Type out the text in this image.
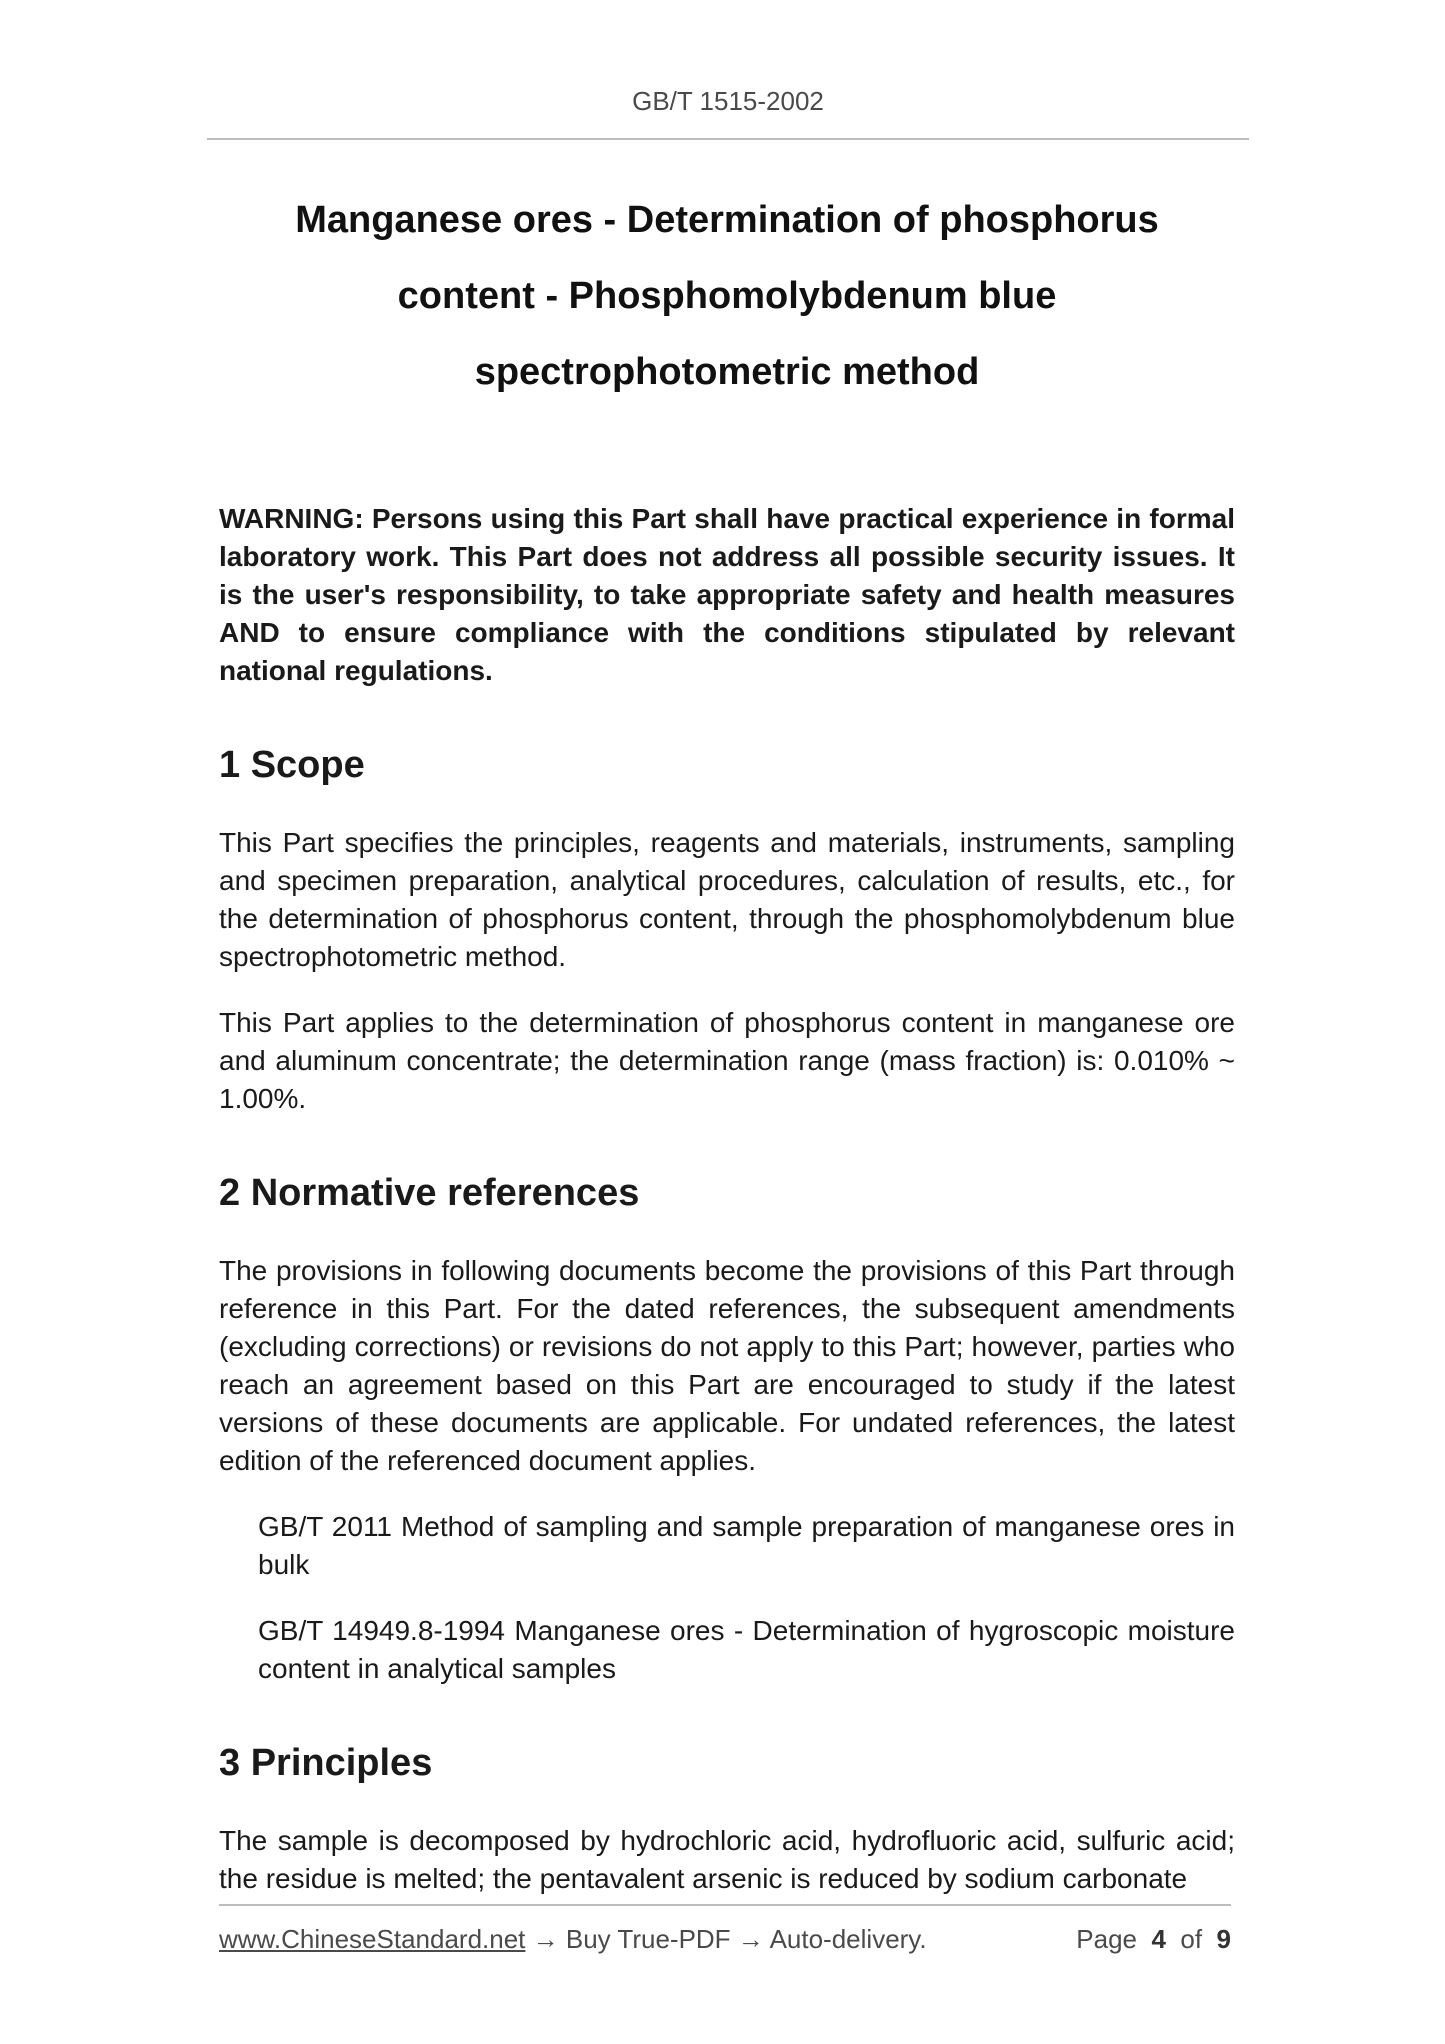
GB/T 1515-2002
Manganese ores - Determination of phosphorus
content - Phosphomolybdenum blue
spectrophotometric method

WARNING: Persons using this Part shall have practical experience in formal laboratory work. This Part does not address all possible security issues. It is the user's responsibility, to take appropriate safety and health measures AND to ensure compliance with the conditions stipulated by relevant national regulations.

1 Scope

This Part specifies the principles, reagents and materials, instruments, sampling and specimen preparation, analytical procedures, calculation of results, etc., for the determination of phosphorus content, through the phosphomolybdenum blue spectrophotometric method.

This Part applies to the determination of phosphorus content in manganese ore and aluminum concentrate; the determination range (mass fraction) is: 0.010% ~ 1.00%.

2 Normative references

The provisions in following documents become the provisions of this Part through reference in this Part. For the dated references, the subsequent amendments (excluding corrections) or revisions do not apply to this Part; however, parties who reach an agreement based on this Part are encouraged to study if the latest versions of these documents are applicable. For undated references, the latest edition of the referenced document applies.

GB/T 2011 Method of sampling and sample preparation of manganese ores in bulk

GB/T 14949.8-1994 Manganese ores - Determination of hygroscopic moisture content in analytical samples

3 Principles

The sample is decomposed by hydrochloric acid, hydrofluoric acid, sulfuric acid; the residue is melted; the pentavalent arsenic is reduced by sodium carbonate

www.ChineseStandard.net → Buy True-PDF → Auto-delivery.	Page 4 of 9
